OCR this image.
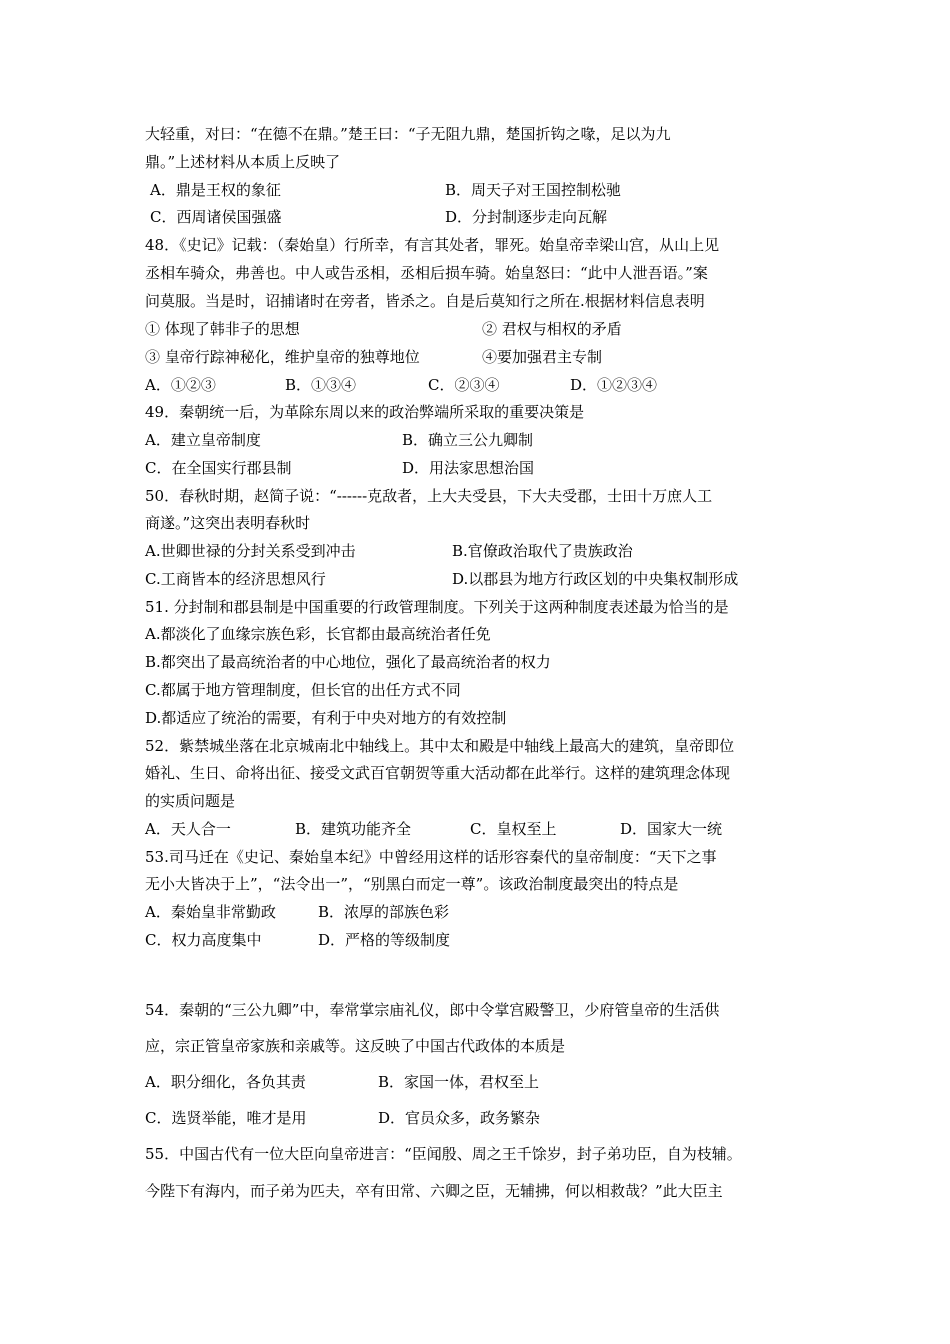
大轻重，对曰：“在德不在鼎。”楚王曰：“子无阻九鼎，楚国折钩之喙，足以为九
鼎。”上述材料从本质上反映了
A．鼎是王权的象征	B．周天子对王国控制松驰
C．西周诸侯国强盛	D．分封制逐步走向瓦解
48．《史记》记载：（秦始皇）行所幸，有言其处者，罪死。始皇帝幸梁山宫，从山上见
丞相车骑众，弗善也。中人或告丞相，丞相后损车骑。始皇怒曰：“此中人泄吾语。”案
问莫服。当是时，诏捕诸时在旁者，皆杀之。自是后莫知行之所在.根据材料信息表明
① 体现了韩非子的思想	② 君权与相权的矛盾
③ 皇帝行踪神秘化，维护皇帝的独尊地位	④要加强君主专制
A．①②③	B．①③④	C．②③④	D．①②③④
49．秦朝统一后，为革除东周以来的政治弊端所采取的重要决策是
A．建立皇帝制度	B．确立三公九卿制
C．在全国实行郡县制	D．用法家思想治国
50．春秋时期，赵简子说：“------克敌者，上大夫受县，下大夫受郡，士田十万庶人工
商遂。”这突出表明春秋时
A.世卿世禄的分封关系受到冲击	B.官僚政治取代了贵族政治
C.工商皆本的经济思想风行	D.以郡县为地方行政区划的中央集权制形成
51. 分封制和郡县制是中国重要的行政管理制度。下列关于这两种制度表述最为恰当的是
A.都淡化了血缘宗族色彩，长官都由最高统治者任免
B.都突出了最高统治者的中心地位，强化了最高统治者的权力
C.都属于地方管理制度，但长官的出任方式不同
D.都适应了统治的需要，有利于中央对地方的有效控制
52．紫禁城坐落在北京城南北中轴线上。其中太和殿是中轴线上最高大的建筑，皇帝即位
婚礼、生日、命将出征、接受文武百官朝贺等重大活动都在此举行。这样的建筑理念体现
的实质问题是
A．天人合一	B．建筑功能齐全	C．皇权至上	D．国家大一统
53.司马迁在《史记、秦始皇本纪》中曾经用这样的话形容秦代的皇帝制度：“天下之事
无小大皆决于上”，“法令出一”，“别黑白而定一尊”。该政治制度最突出的特点是
A．秦始皇非常勤政	B．浓厚的部族色彩
C．权力高度集中	D．严格的等级制度
54．秦朝的“三公九卿”中，奉常掌宗庙礼仪，郎中令掌宫殿警卫，少府管皇帝的生活供
应，宗正管皇帝家族和亲戚等。这反映了中国古代政体的本质是
A．职分细化，各负其责	B．家国一体，君权至上
C．选贤举能，唯才是用	D．官员众多，政务繁杂
55．中国古代有一位大臣向皇帝进言：“臣闻殷、周之王千馀岁，封子弟功臣，自为枝辅。
今陛下有海内，而子弟为匹夫，卒有田常、六卿之臣，无辅拂，何以相救哉？”此大臣主
